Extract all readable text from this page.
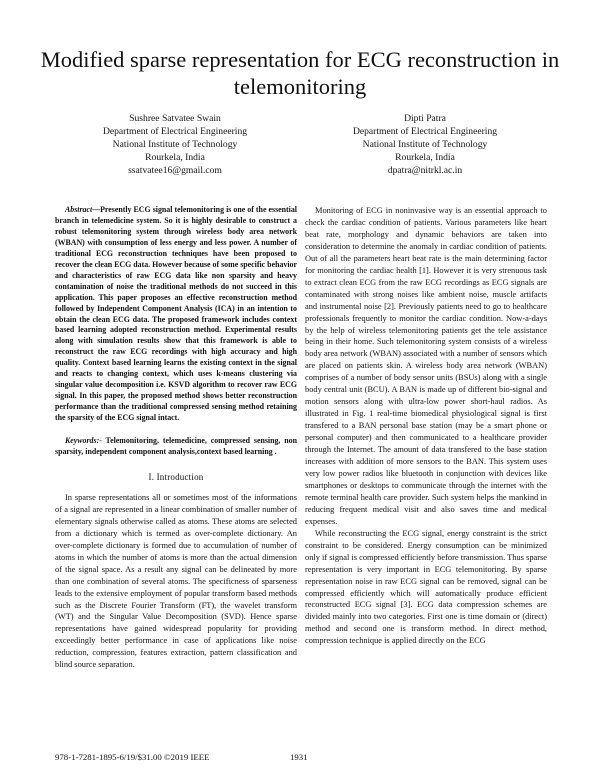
Modified sparse representation for ECG reconstruction in telemonitoring
Sushree Satvatee Swain
Department of Electrical Engineering
National Institute of Technology
Rourkela, India
ssatvatee16@gmail.com
Dipti Patra
Department of Electrical Engineering
National Institute of Technology
Rourkela, India
dpatra@nitrkl.ac.in

Abstract—Presently ECG signal telemonitoring is one of the essential branch in telemedicine system. So it is highly desirable to construct a robust telemonitoring system through wireless body area network (WBAN) with consumption of less energy and less power. A number of traditional ECG reconstruction techniques have been proposed to recover the clean ECG data. However because of some specific behavior and characteristics of raw ECG data like non sparsity and heavy contamination of noise the traditional methods do not succeed in this application. This paper proposes an effective reconstruction method followed by Independent Component Analysis (ICA) in an intention to obtain the clean ECG data. The proposed framework includes context based learning adopted reconstruction method. Experimental results along with simulation results show that this framework is able to reconstruct the raw ECG recordings with high accuracy and high quality. Context based learning learns the existing context in the signal and reacts to changing context, which uses k-means clustering via singular value decomposition i.e. KSVD algorithm to recover raw ECG signal. In this paper, the proposed method shows better reconstruction performance than the traditional compressed sensing method retaining the sparsity of the ECG signal intact.

Keywords:- Telemonitoring, telemedicine, compressed sensing, non sparsity, independent component analysis,context based learning .

I. Introduction

In sparse representations all or sometimes most of the informations of a signal are represented in a linear combination of smaller number of elementary signals otherwise called as atoms. These atoms are selected from a dictionary which is termed as over-complete dictionary. An over-complete dictionary is formed due to accumulation of number of atoms in which the number of atoms is more than the actual dimension of the signal space. As a result any signal can be delineated by more than one combination of several atoms. The specificness of sparseness leads to the extensive employment of popular transform based methods such as the Discrete Fourier Transform (FT), the wavelet transform (WT) and the Singular Value Decomposition (SVD). Hence sparse representations have gained widespread popularity for providing exceedingly better performance in case of applications like noise reduction, compression, features extraction, pattern classification and blind source separation.

Monitoring of ECG in noninvasive way is an essential approach to check the cardiac condition of patients. Various parameters like heart beat rate, morphology and dynamic behaviors are taken into consideration to determine the anomaly in cardiac condition of patients. Out of all the parameters heart beat rate is the main determining factor for monitoring the cardiac health [1]. However it is very strenuous task to extract clean ECG from the raw ECG recordings as ECG signals are contaminated with strong noises like ambient noise, muscle artifacts and instrumental noise [2]. Previously patients need to go to healthcare professionals frequently to monitor the cardiac condition. Now-a-days by the help of wireless telemonitoring patients get the tele assistance being in their home. Such telemonitoring system consists of a wireless body area network (WBAN) associated with a number of sensors which are placed on patients skin. A wireless body area network (WBAN) comprises of a number of body sensor units (BSUs) along with a single body central unit (BCU). A BAN is made up of different bio-signal and motion sensors along with ultra-low power short-haul radios. As illustrated in Fig. 1 real-time biomedical physiological signal is first transfered to a BAN personal base station (may be a smart phone or personal computer) and then communicated to a healthcare provider through the Internet. The amount of data transfered to the base station increases with addition of more sensors to the BAN. This system uses very low power radios like bluetooth in conjunction with devices like smartphones or desktops to communicate through the internet with the remote terminal health care provider. Such system helps the mankind in reducing frequent medical visit and also saves time and medical expenses.

While reconstructing the ECG signal, energy constraint is the strict constraint to be considered. Energy consumption can be minimized only if signal is compressed efficiently before transmission. Thus sparse representation is very important in ECG telemonitoring. By sparse representation noise in raw ECG signal can be removed, signal can be compressed efficiently which will automatically produce efficient reconstructed ECG signal [3]. ECG data compression schemes are divided mainly into two categories. First one is time domain or (direct) method and second one is transform method. In direct method, compression technique is applied directly on the ECG

978-1-7281-1895-6/19/$31.00 ©2019 IEEE	1931
